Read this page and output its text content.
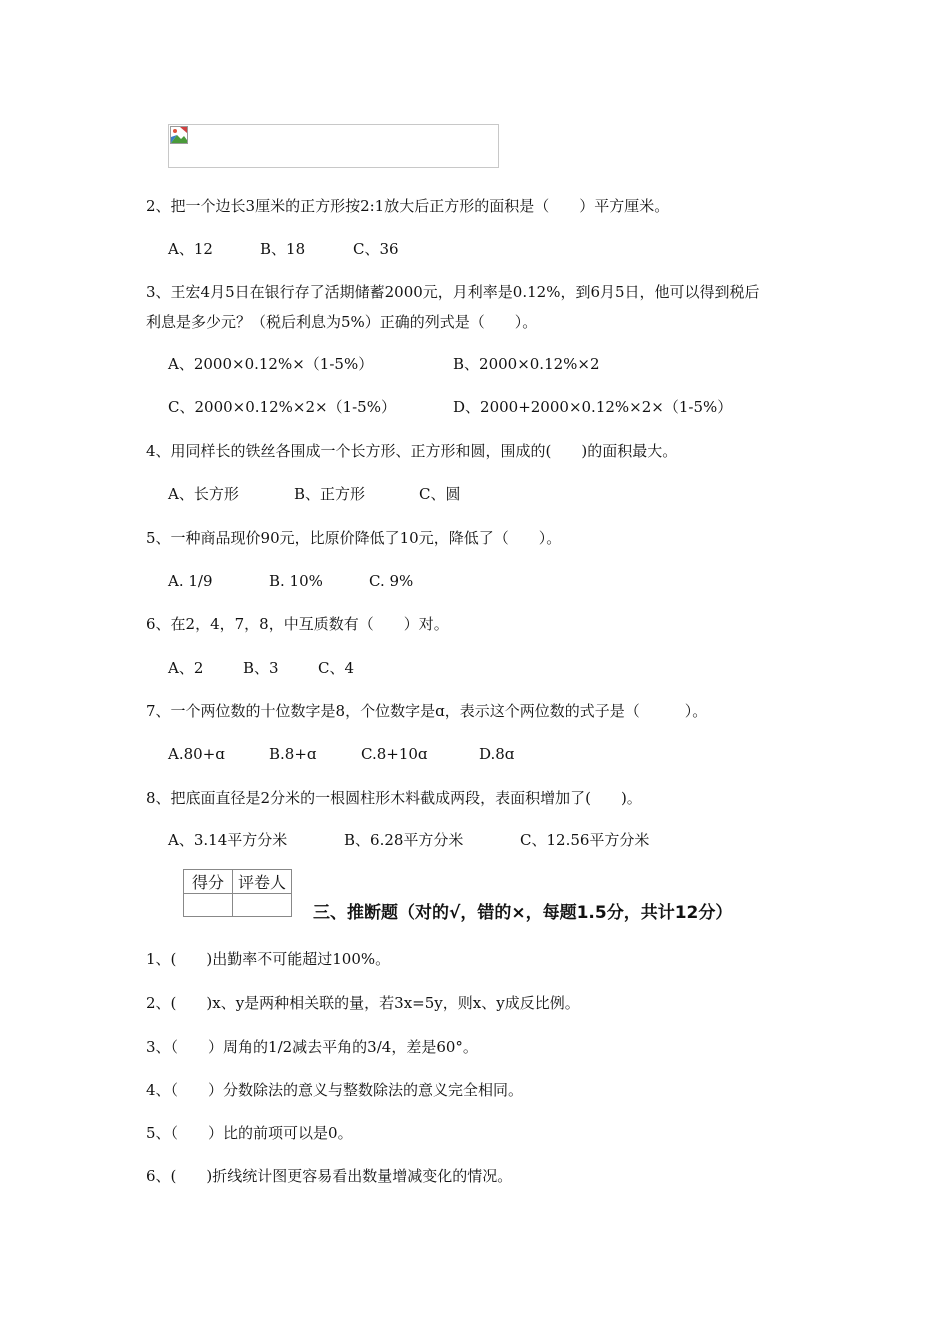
2、把一个边长3厘米的正方形按2:1放大后正方形的面积是（　　）平方厘米。
A、12	B、18	C、36
3、王宏4月5日在银行存了活期储蓄2000元，月利率是0.12%，到6月5日，他可以得到税后
利息是多少元？（税后利息为5%）正确的列式是（　　）。
A、2000×0.12%×（1-5%）	B、2000×0.12%×2
C、2000×0.12%×2×（1-5%）	D、2000+2000×0.12%×2×（1-5%）
4、用同样长的铁丝各围成一个长方形、正方形和圆，围成的(　　)的面积最大。
A、长方形	B、正方形	C、圆
5、一种商品现价90元，比原价降低了10元，降低了（　　）。
A. 1/9	B. 10%	C. 9%
6、在2，4，7，8，中互质数有（　　）对。
A、2	B、3	C、4
7、一个两位数的十位数字是8，个位数字是ɑ，表示这个两位数的式子是（　　　）。
A.80+ɑ	B.8+ɑ	C.8+10ɑ	D.8ɑ
8、把底面直径是2分米的一根圆柱形木料截成两段，表面积增加了(　　)。
A、3.14平方分米	B、6.28平方分米	C、12.56平方分米
得分	评卷人

三、推断题（对的√，错的×，每题1.5分，共计12分）
1、(　　)出勤率不可能超过100%。
2、(　　)x、y是两种相关联的量，若3x=5y，则x、y成反比例。
3、（　　）周角的1/2减去平角的3/4，差是60°。
4、（　　）分数除法的意义与整数除法的意义完全相同。
5、（　　）比的前项可以是0。
6、(　　)折线统计图更容易看出数量增减变化的情况。
